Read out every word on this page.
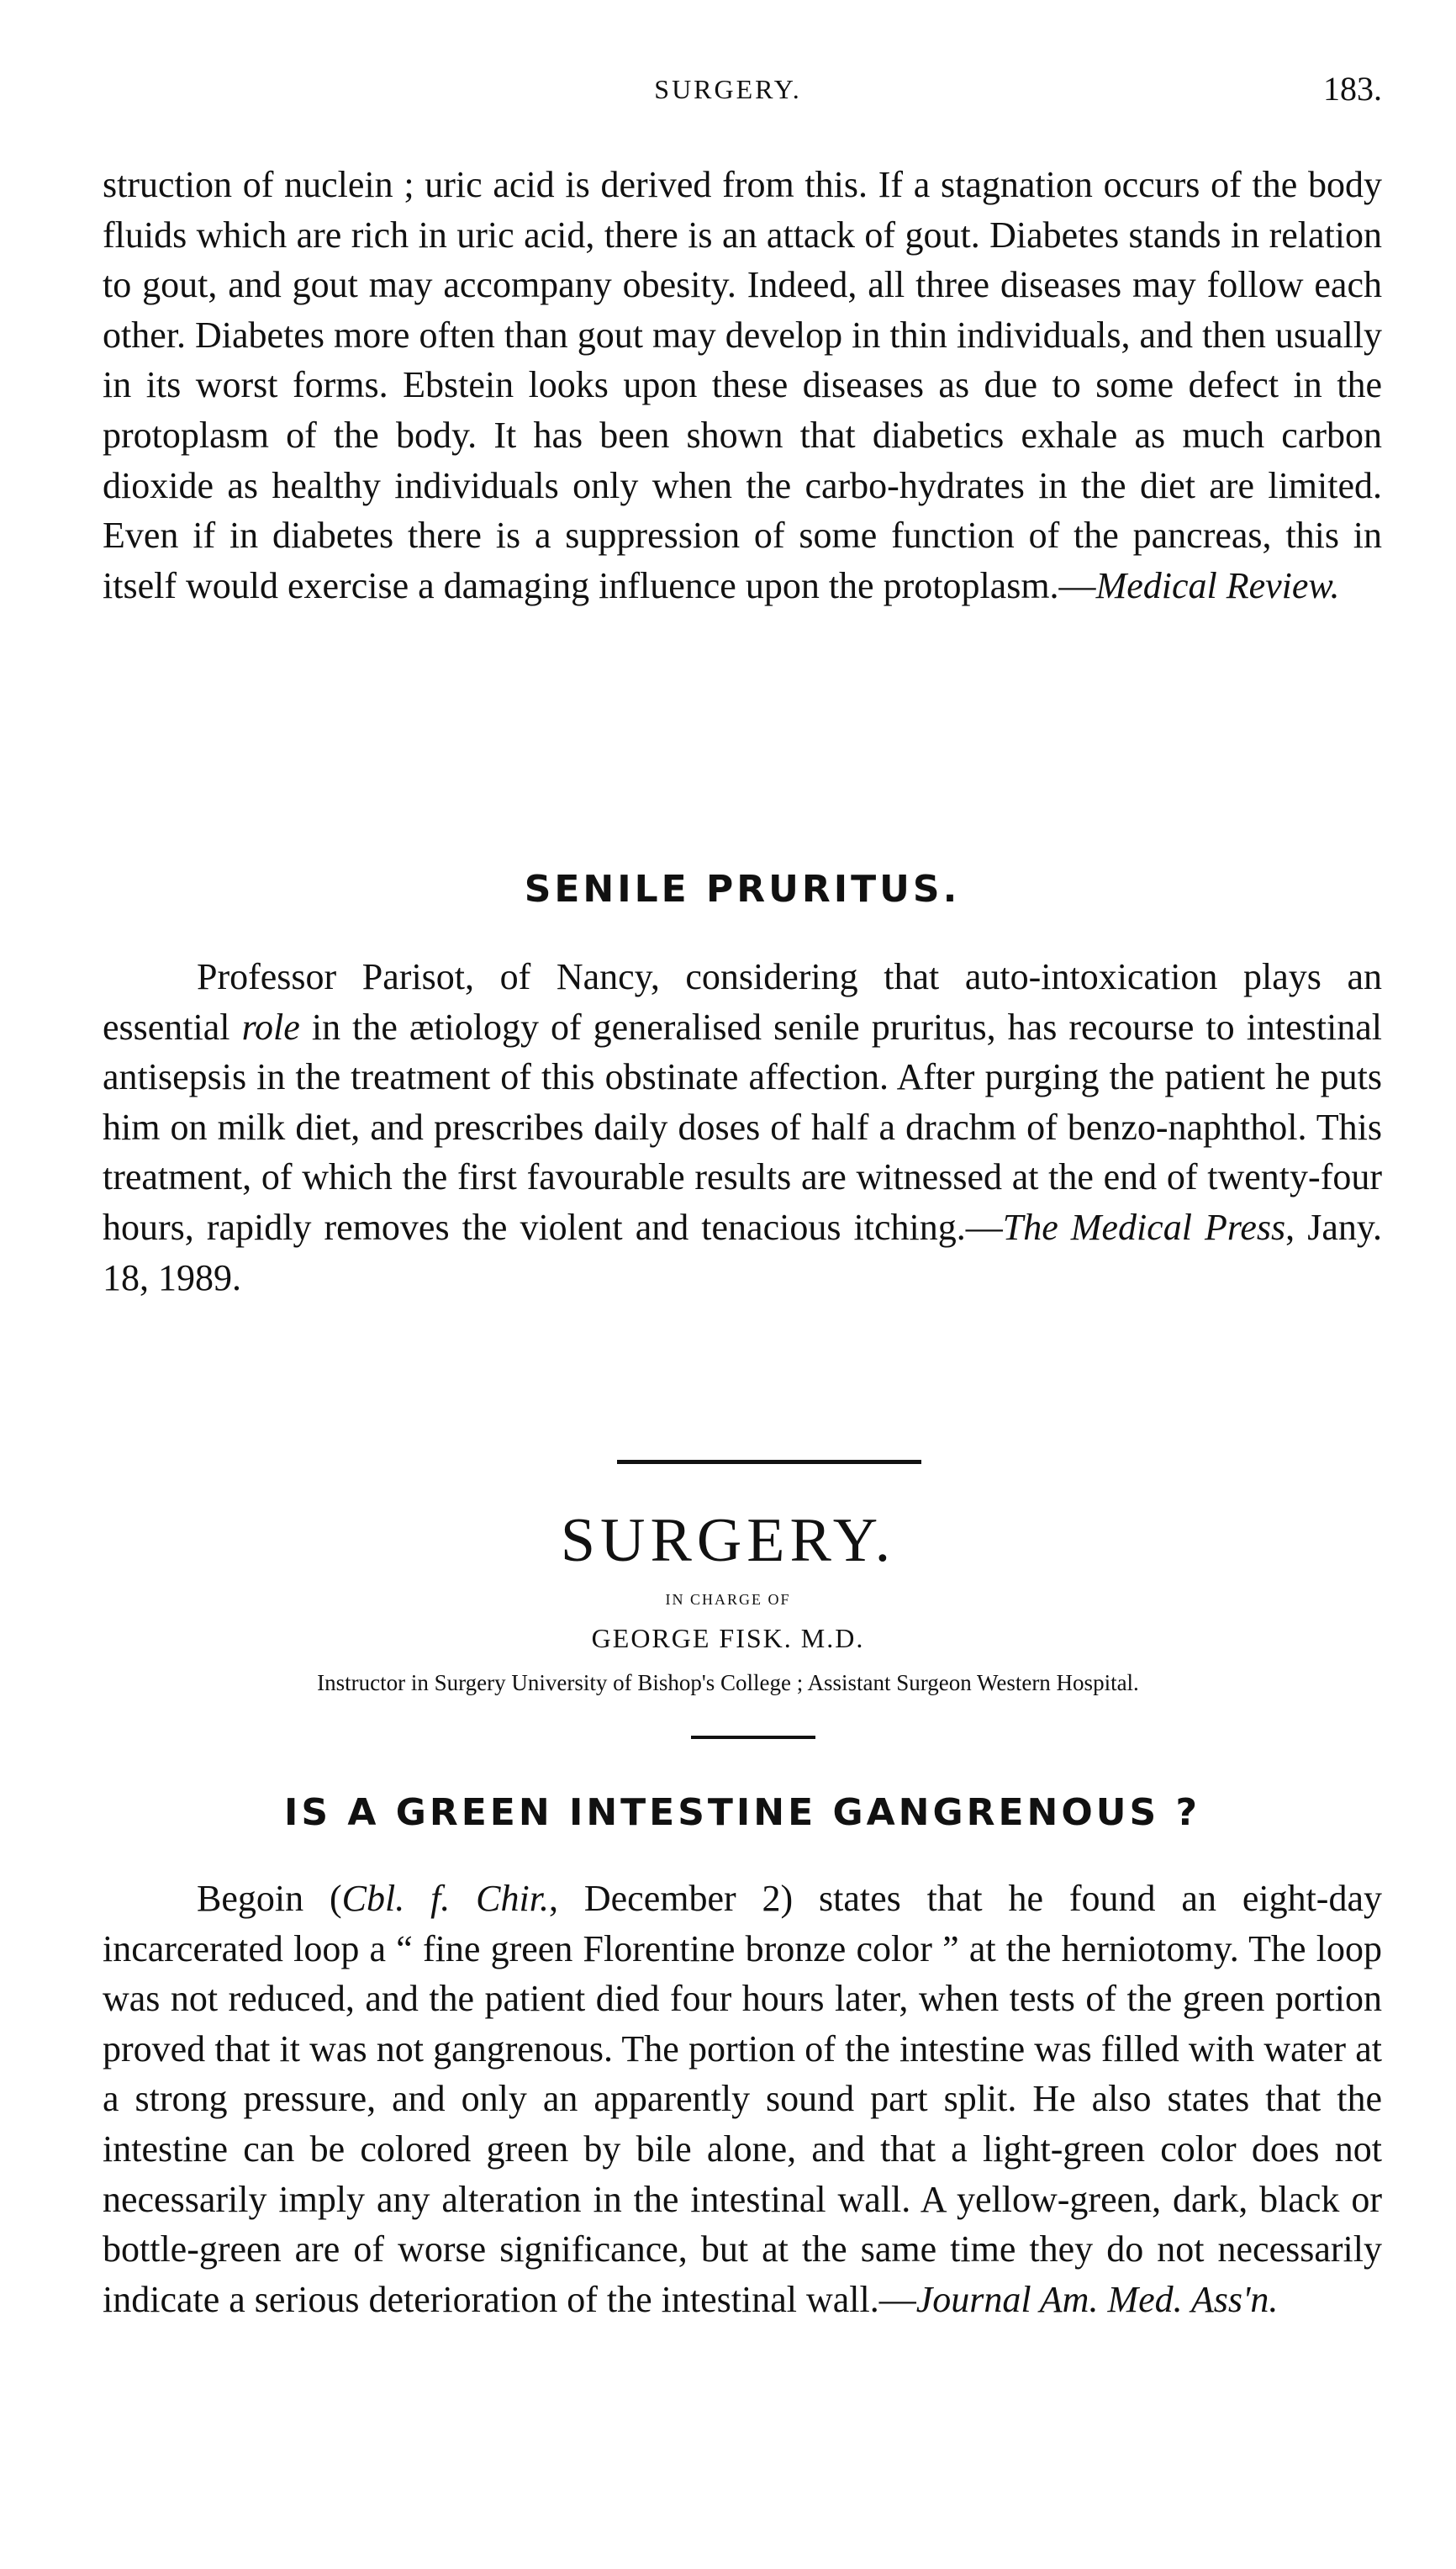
SURGERY.	183.

struction of nuclein ; uric acid is derived from this. If a stagnation occurs of the body fluids which are rich in uric acid, there is an attack of gout. Diabetes stands in relation to gout, and gout may accompany obesity. Indeed, all three diseases may follow each other. Diabetes more often than gout may develop in thin individuals, and then usually in its worst forms. Ebstein looks upon these diseases as due to some defect in the protoplasm of the body. It has been shown that diabetics exhale as much carbon dioxide as healthy individuals only when the carbo-hydrates in the diet are limited. Even if in diabetes there is a suppression of some function of the pancreas, this in itself would exercise a damaging influence upon the protoplasm.—Medical Review.

SENILE PRURITUS.

Professor Parisot, of Nancy, considering that auto-intoxication plays an essential role in the ætiology of generalised senile pruritus, has recourse to intestinal antisepsis in the treatment of this obstinate affection. After purging the patient he puts him on milk diet, and prescribes daily doses of half a drachm of benzo-naphthol. This treatment, of which the first favourable results are witnessed at the end of twenty-four hours, rapidly removes the violent and tenacious itching.—The Medical Press, Jany. 18, 1989.

SURGERY.
IN CHARGE OF
GEORGE FISK. M.D.
Instructor in Surgery University of Bishop's College ; Assistant Surgeon Western Hospital.
IS A GREEN INTESTINE GANGRENOUS ?

Begoin (Cbl. f. Chir., December 2) states that he found an eight-day incarcerated loop a “ fine green Florentine bronze color ” at the herniotomy. The loop was not reduced, and the patient died four hours later, when tests of the green portion proved that it was not gangrenous. The portion of the intestine was filled with water at a strong pressure, and only an apparently sound part split. He also states that the intestine can be colored green by bile alone, and that a light-green color does not necessarily imply any alteration in the intestinal wall. A yellow-green, dark, black or bottle-green are of worse significance, but at the same time they do not necessarily indicate a serious deterioration of the intestinal wall.—Journal Am. Med. Ass'n.
